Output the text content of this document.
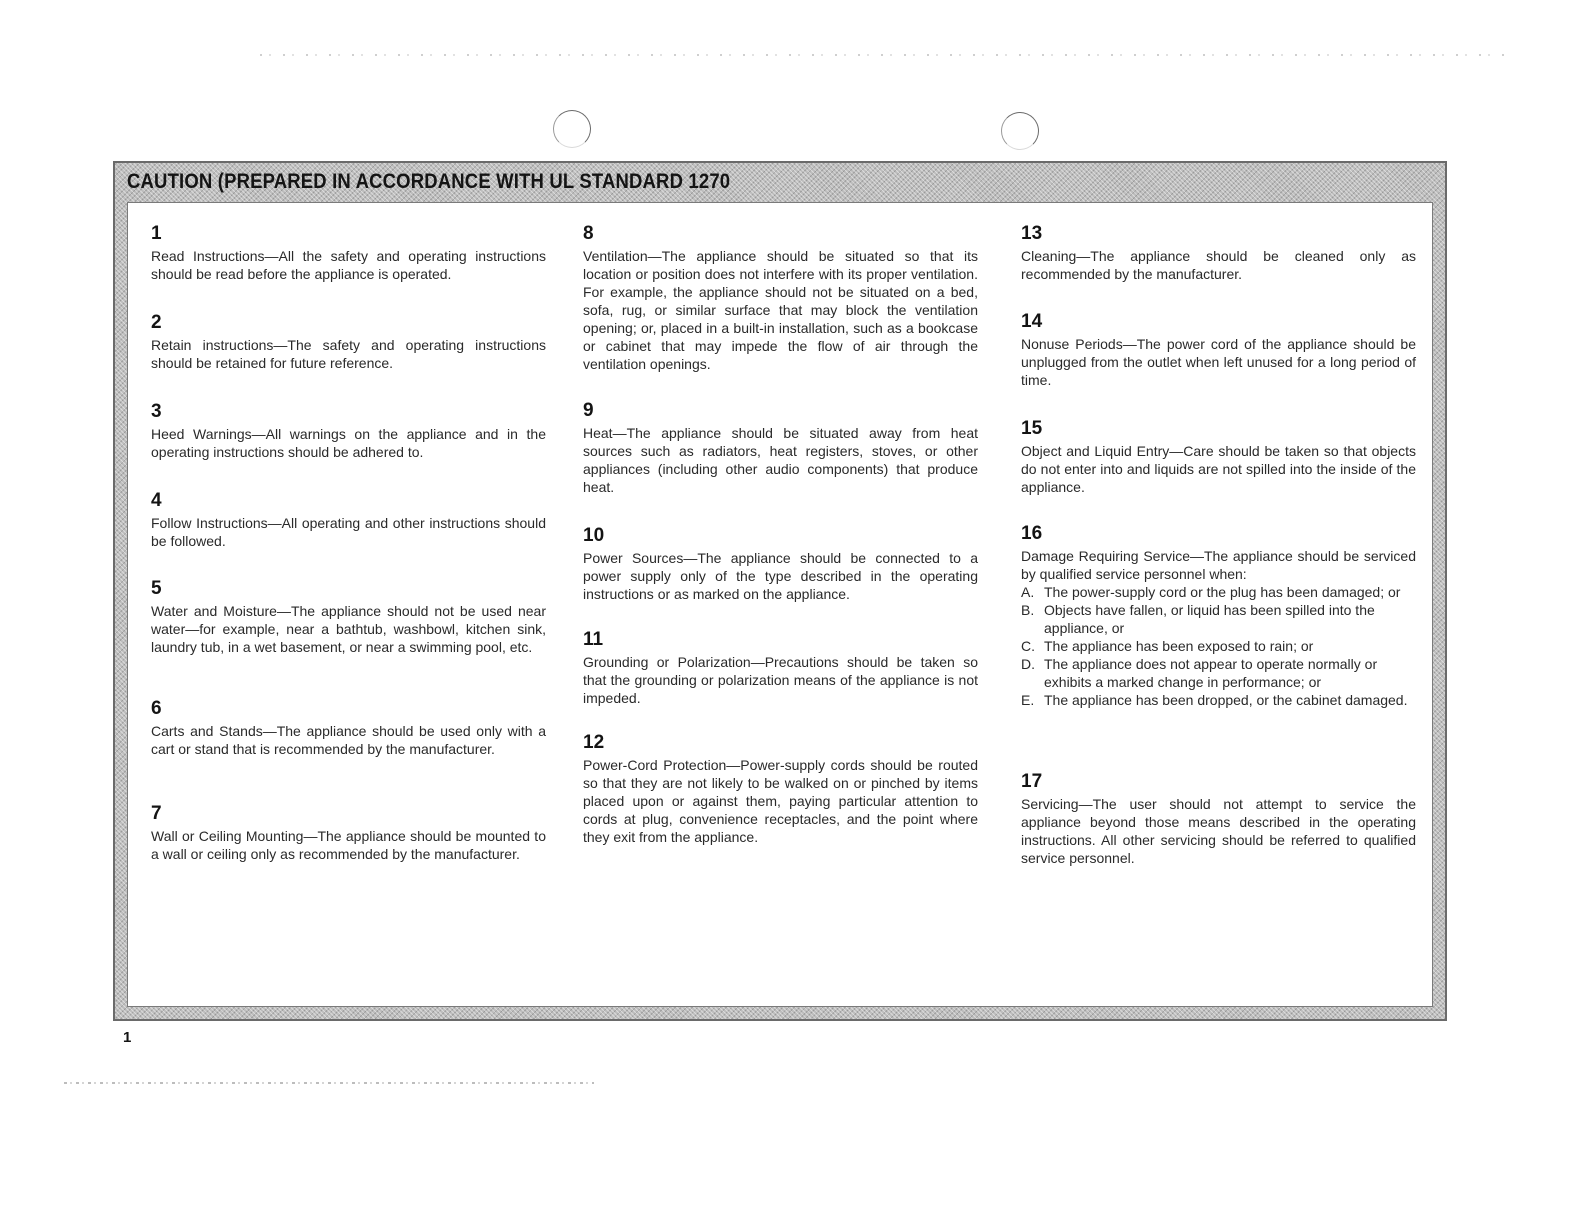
CAUTION (PREPARED IN ACCORDANCE WITH UL STANDARD 1270

1

Read Instructions—All the safety and operating instructions should be read before the appliance is operated.

2

Retain instructions—The safety and operating instructions should be retained for future reference.

3

Heed Warnings—All warnings on the appliance and in the operating instructions should be adhered to.

4

Follow Instructions—All operating and other instructions should be followed.

5

Water and Moisture—The appliance should not be used near water—for example, near a bathtub, washbowl, kitchen sink, laundry tub, in a wet basement, or near a swimming pool, etc.

6

Carts and Stands—The appliance should be used only with a cart or stand that is recommended by the manufacturer.

7

Wall or Ceiling Mounting—The appliance should be mounted to a wall or ceiling only as recommended by the manufacturer.

8

Ventilation—The appliance should be situated so that its location or position does not interfere with its proper ventilation. For example, the appliance should not be situated on a bed, sofa, rug, or similar surface that may block the ventilation opening; or, placed in a built-in installation, such as a bookcase or cabinet that may impede the flow of air through the ventilation openings.

9

Heat—The appliance should be situated away from heat sources such as radiators, heat registers, stoves, or other appliances (including other audio components) that produce heat.

10

Power Sources—The appliance should be connected to a power supply only of the type described in the operating instructions or as marked on the appliance.

11

Grounding or Polarization—Precautions should be taken so that the grounding or polarization means of the appliance is not impeded.

12

Power-Cord Protection—Power-supply cords should be routed so that they are not likely to be walked on or pinched by items placed upon or against them, paying particular attention to cords at plug, convenience receptacles, and the point where they exit from the appliance.

13

Cleaning—The appliance should be cleaned only as recommended by the manufacturer.

14

Nonuse Periods—The power cord of the appliance should be unplugged from the outlet when left unused for a long period of time.

15

Object and Liquid Entry—Care should be taken so that objects do not enter into and liquids are not spilled into the inside of the appliance.

16

Damage Requiring Service—The appliance should be serviced by qualified service personnel when:

A. The power-supply cord or the plug has been damaged; or
B. Objects have fallen, or liquid has been spilled into the appliance, or
C. The appliance has been exposed to rain; or
D. The appliance does not appear to operate normally or exhibits a marked change in performance; or
E. The appliance has been dropped, or the cabinet damaged.

17

Servicing—The user should not attempt to service the appliance beyond those means described in the operating instructions. All other servicing should be referred to qualified service personnel.

1
